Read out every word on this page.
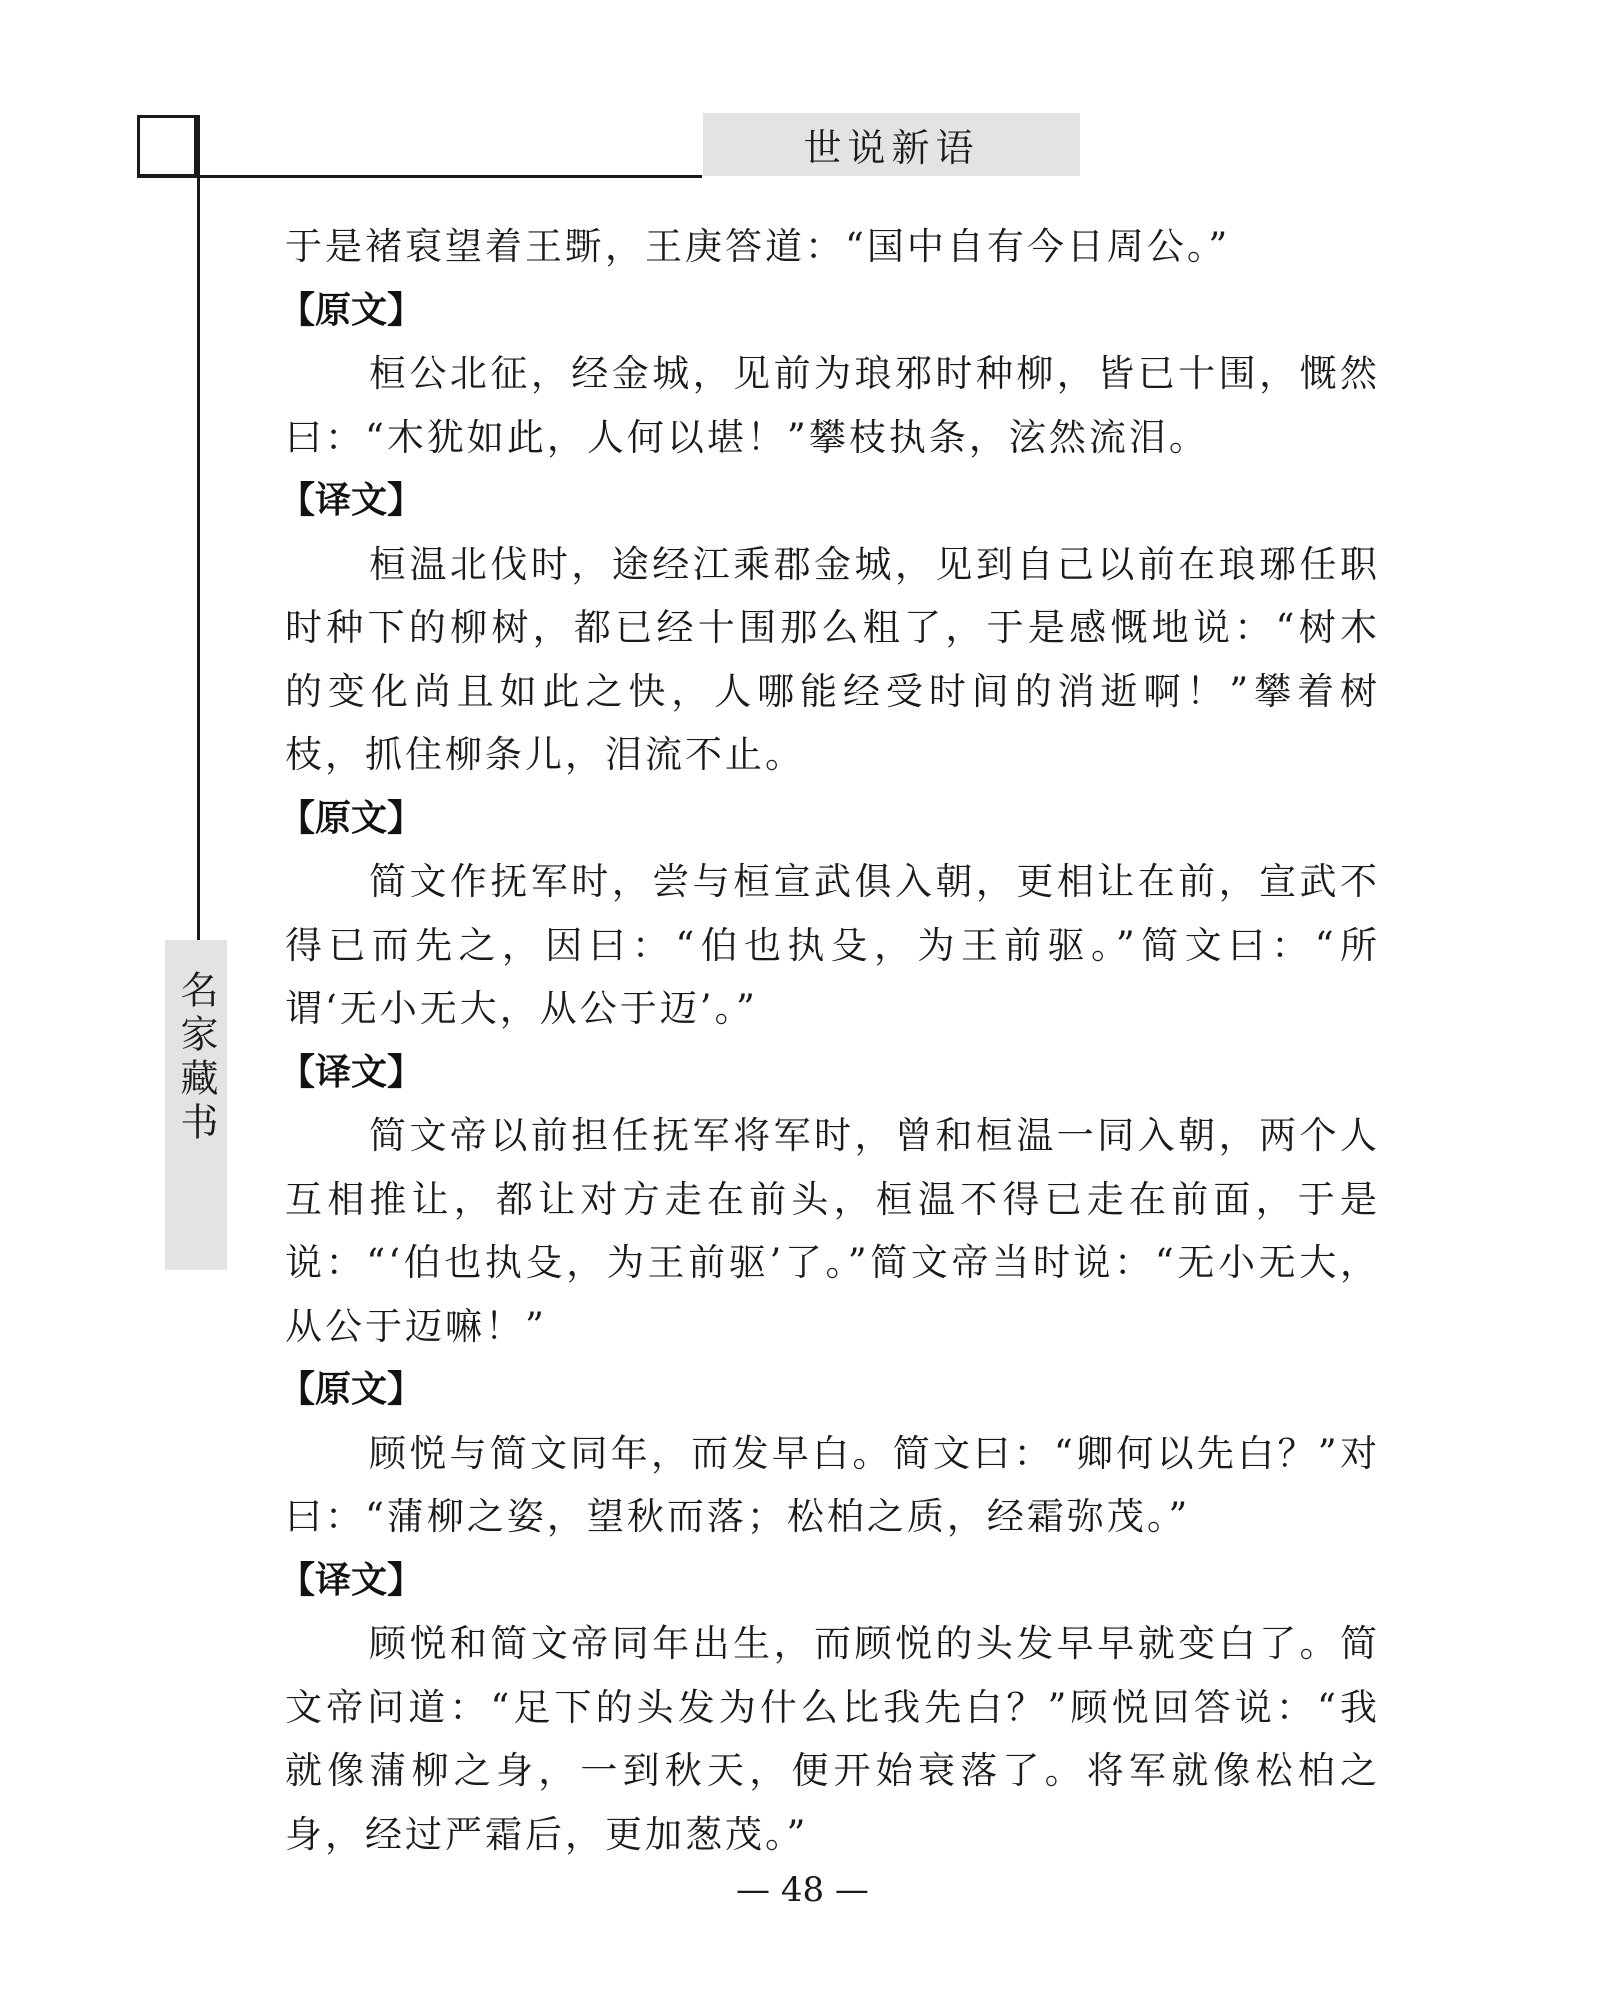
世说新语
名家藏书

于是褚裒望着王斲，王庚答道：“国中自有今日周公。”

【原文】

桓公北征，经金城，见前为琅邪时种柳，皆已十围，慨然曰：“木犹如此，人何以堪！”攀枝执条，泫然流泪。

【译文】

桓温北伐时，途经江乘郡金城，见到自己以前在琅琊任职时种下的柳树，都已经十围那么粗了，于是感慨地说：“树木的变化尚且如此之快，人哪能经受时间的消逝啊！”攀着树枝，抓住柳条儿，泪流不止。

【原文】

简文作抚军时，尝与桓宣武俱入朝，更相让在前，宣武不得已而先之，因曰：“伯也执殳，为王前驱。”简文曰：“所谓‘无小无大，从公于迈’。”

【译文】

简文帝以前担任抚军将军时，曾和桓温一同入朝，两个人互相推让，都让对方走在前头，桓温不得已走在前面，于是说：“‘伯也执殳，为王前驱’了。”简文帝当时说：“无小无大，从公于迈嘛！”

【原文】

顾悦与简文同年，而发早白。简文曰：“卿何以先白？”对曰：“蒲柳之姿，望秋而落；松柏之质，经霜弥茂。”

【译文】

顾悦和简文帝同年出生，而顾悦的头发早早就变白了。简文帝问道：“足下的头发为什么比我先白？”顾悦回答说：“我就像蒲柳之身，一到秋天，便开始衰落了。将军就像松柏之身，经过严霜后，更加葱茂。”

— 48 —
